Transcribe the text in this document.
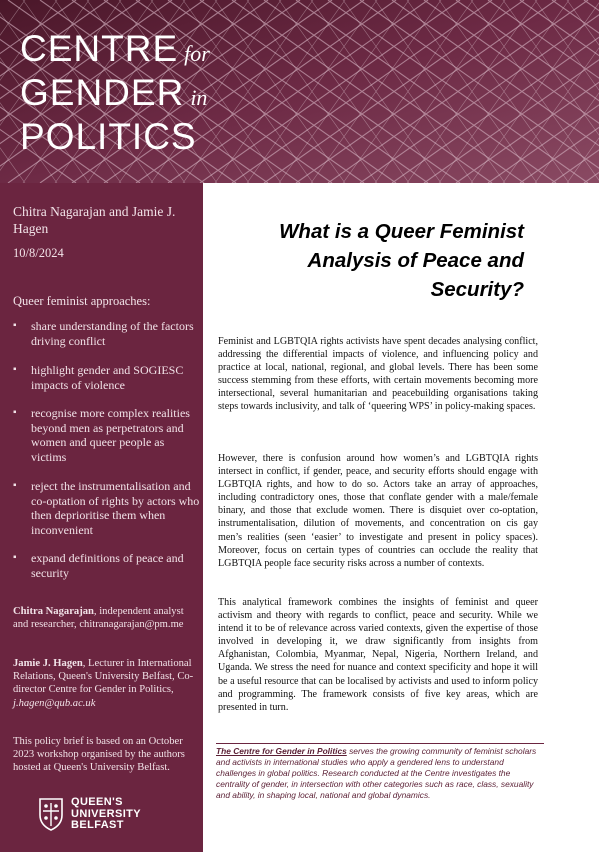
CENTRE for
GENDER in
POLITICS
Chitra Nagarajan and Jamie J. Hagen
10/8/2024
Queer feminist approaches:
▪ share understanding of the factors driving conflict
▪ highlight gender and SOGIESC impacts of violence
▪ recognise more complex realities beyond men as perpetrators and women and queer people as victims
▪ reject the instrumentalisation and co-optation of rights by actors who then deprioritise them when inconvenient
▪ expand definitions of peace and security
Chitra Nagarajan, independent analyst and researcher, chitranagarajan@pm.me
Jamie J. Hagen, Lecturer in International Relations, Queen's University Belfast, Co-director Centre for Gender in Politics, j.hagen@qub.ac.uk
This policy brief is based on an October 2023 workshop organised by the authors hosted at Queen's University Belfast.
QUEEN'S
UNIVERSITY
BELFAST
What is a Queer Feminist Analysis of Peace and Security?
Feminist and LGBTQIA rights activists have spent decades analysing conflict, addressing the differential impacts of violence, and influencing policy and practice at local, national, regional, and global levels. There has been some success stemming from these efforts, with certain movements becoming more intersectional, several humanitarian and peacebuilding organisations taking steps towards inclusivity, and talk of ‘queering WPS’ in policy-making spaces.
However, there is confusion around how women’s and LGBTQIA rights intersect in conflict, if gender, peace, and security efforts should engage with LGBTQIA rights, and how to do so. Actors take an array of approaches, including contradictory ones, those that conflate gender with a male/female binary, and those that exclude women. There is disquiet over co-optation, instrumentalisation, dilution of movements, and concentration on cis gay men’s realities (seen ‘easier’ to investigate and present in policy spaces). Moreover, focus on certain types of countries can occlude the reality that LGBTQIA people face security risks across a number of contexts.
This analytical framework combines the insights of feminist and queer activism and theory with regards to conflict, peace and security. While we intend it to be of relevance across varied contexts, given the expertise of those involved in developing it, we draw significantly from insights from Afghanistan, Colombia, Myanmar, Nepal, Nigeria, Northern Ireland, and Uganda. We stress the need for nuance and context specificity and hope it will be a useful resource that can be localised by activists and used to inform policy and programming. The framework consists of five key areas, which are presented in turn.
The Centre for Gender in Politics serves the growing community of feminist scholars and activists in international studies who apply a gendered lens to understand challenges in global politics. Research conducted at the Centre investigates the centrality of gender, in intersection with other categories such as race, class, sexuality and ability, in shaping local, national and global dynamics.
